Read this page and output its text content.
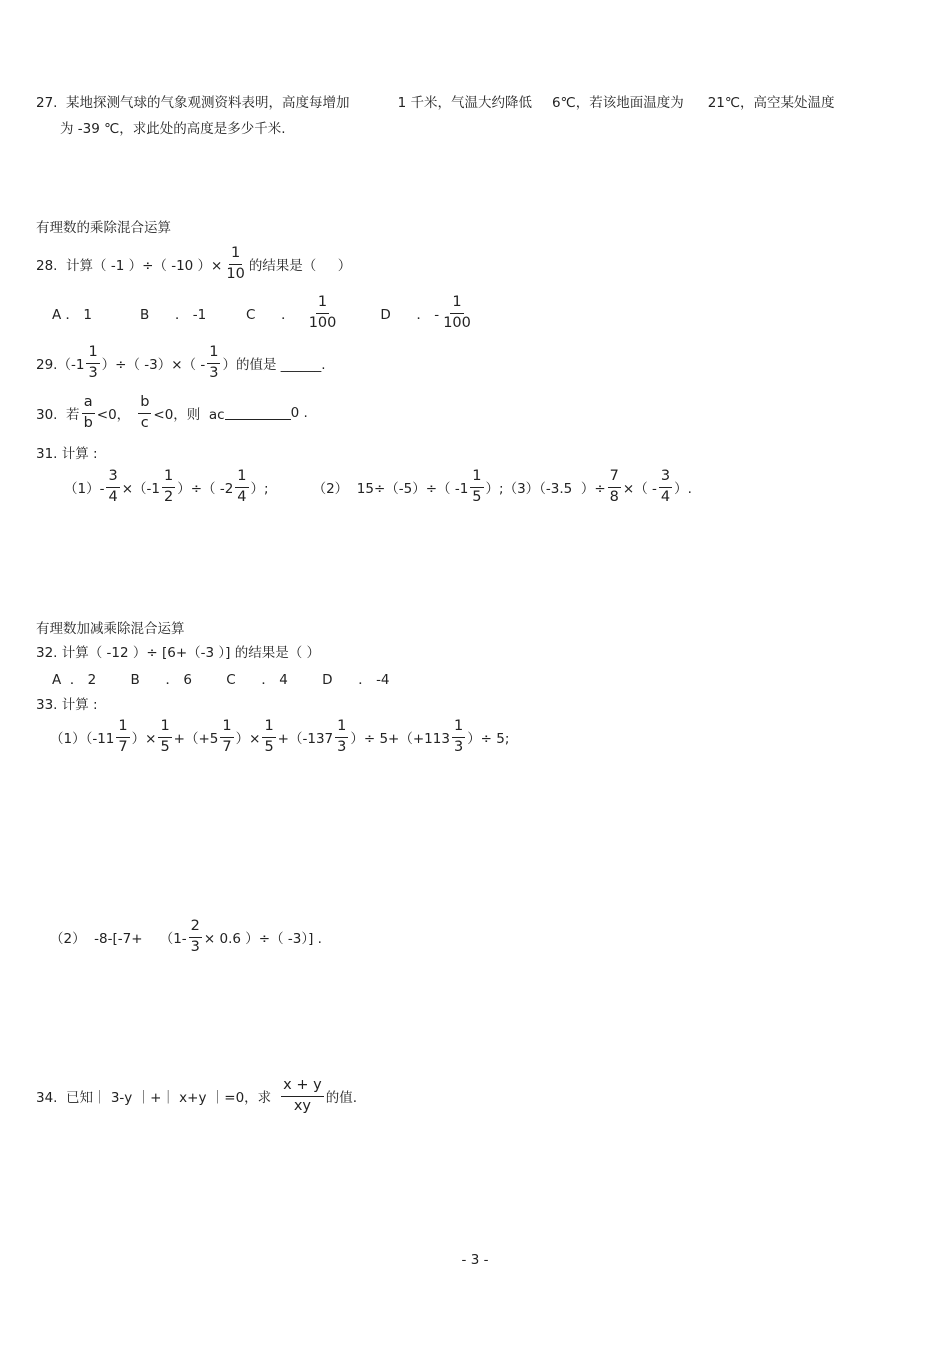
27.  某地探测气球的气象观测资料表明，高度每增加	1 千米，气温大约降低 6℃，若该地面温度为 21℃，高空某处温度
为 -39 ℃，求此处的高度是多少千米.
有理数的乘除混合运算
28.  计算（ -1 ）÷（ -10 ）× $\frac{1}{10}$ 的结果是（     ）
A ． 1	B      ． -1	C      ． $\frac{1}{100}$	D      ． - $\frac{1}{100}$
$29.(-1 \frac{1}{3}$ ）÷（ $-3)\times( - \frac{1}{3}$ ）的值是 ______.
30.  若 $\frac{a}{b} <0$， $\frac{b}{c} <0$，则  ac	0 .
31. 计算 :
$(1)- \frac{3}{4} \times(-1 \frac{1}{2}$ ）÷（ $-2 \frac{1}{4}$ ）;	（2）  15÷（-5）÷（ $-1 \frac{1}{5}$ ）; （3）（-3.5  ）÷ $\frac{7}{8}$ ×（ - $\frac{3}{4}$ ）.
有理数加减乘除混合运算
32. 计算（ -12 ）÷ [6+（-3 ）] 的结果是（ ）
A  ． 2        B      ． 6        C      ． 4        D      ． -4
33. 计算 :
$(1)(-11 \frac{1}{7}$ ）× $\frac{1}{5} +(+5 \frac{1}{7}$ ）× $\frac{1}{5} +(-137 \frac{1}{3}$ ）÷ $5+(+113 \frac{1}{3}$ ）÷ 5;
（2）  -8-[-7+    （$1- \frac{2}{3} \times 0.6$ ）÷（ -3）] .
34.  已知｜ 3-y ｜+｜ x+y ｜=0，求 $\frac{x + y}{xy}$ 的值.
- 3 -
